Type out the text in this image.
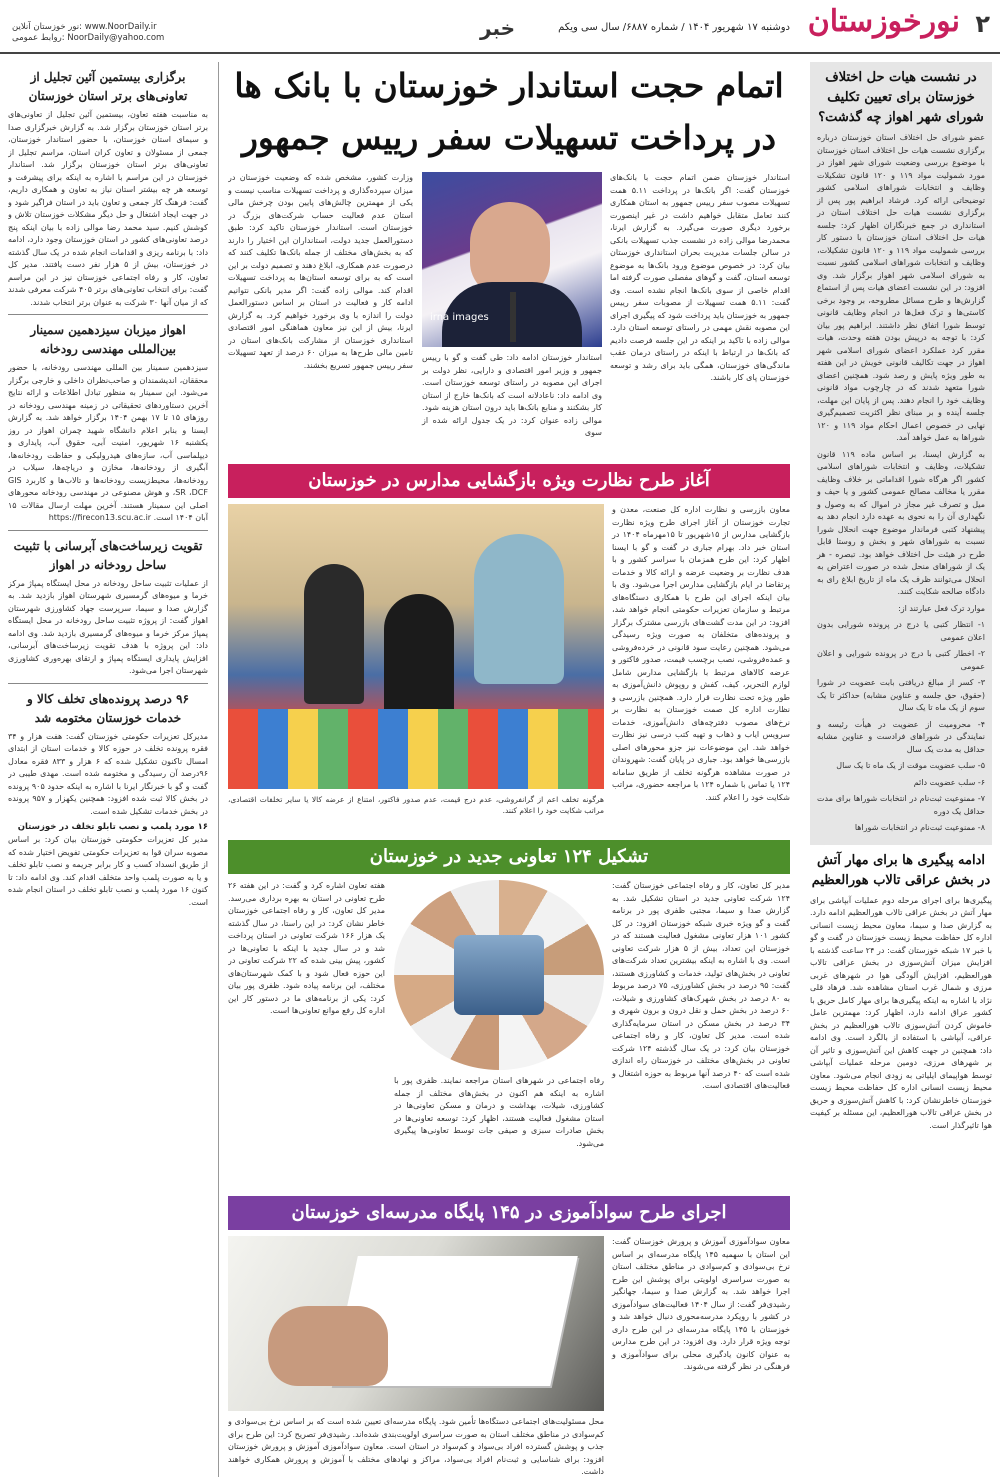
۲
نورخوزستان
دوشنبه ۱۷ شهریور ۱۴۰۴ / شماره ۶۸۸۷/ سال سی ویکم
خبر
نور خوزستان آنلاین: www.NoorDaily.ir
روابط عمومی: NoorDaily@yahoo.com
در نشست هیات حل اختلاف خوزستان برای تعیین تکلیف شورای شهر اهواز چه گذشت؟

عضو شورای حل اختلاف استان خوزستان درباره برگزاری نشست هیات حل اختلاف استان خوزستان با موضوع بررسی وضعیت شورای شهر اهواز در مورد شمولیت مواد ۱۱۹ و ۱۲۰ قانون تشکیلات وظایف و انتخابات شوراهای اسلامی کشور توضیحاتی ارائه کرد. فرشاد ابراهیم پور پس از برگزاری نشست هیات حل اختلاف استان در استانداری در جمع خبرنگاران اظهار کرد: جلسه هیات حل اختلاف استان خوزستان با دستور کار بررسی شمولیت مواد ۱۱۹ و ۱۲۰ قانون تشکیلات، وظایف و انتخابات شوراهای اسلامی کشور نسبت به شورای اسلامی شهر اهواز برگزار شد. وی افزود: در این نشست اعضای هیات پس از استماع گزارش‌ها و طرح مسائل مطروحه، بر وجود برخی کاستی‌ها و ترک فعل‌ها در انجام وظایف قانونی توسط شورا اتفاق نظر داشتند. ابراهیم پور بیان کرد: با توجه به درپیش بودن هفته وحدت، هیات مقرر کرد عملکرد اعضای شورای اسلامی شهر اهواز در جهت تکالیف قانونی خویش در این هفته به طور ویژه پایش و رصد شود. همچنین اعضای شورا متعهد شدند که در چارچوب مواد قانونی وظایف خود را انجام دهند. پس از پایان این مهلت، جلسه آینده و بر مبنای نظر اکثریت تصمیم‌گیری نهایی در خصوص اعمال احکام مواد ۱۱۹ و ۱۲۰ شوراها به عمل خواهد آمد.

به گزارش ایسنا، بر اساس ماده ۱۱۹ قانون تشکیلات، وظایف و انتخابات شوراهای اسلامی کشور اگر هرگاه شورا اقداماتی بر خلاف وظایف مقرر یا مخالف مصالح عمومی کشور و یا حیف و میل و تصرف غیر مجاز در اموال که به وصول و نگهداری آن را به نحوی به عهده دارد انجام دهد به پیشنهاد کتبی فرماندار موضوع جهت انحلال شورا نسبت به شوراهای شهر و بخش و روستا قابل طرح در هیئت حل اختلاف خواهد بود. تبصره - هر یک از شوراهای منحل شده در صورت اعتراض به انحلال می‌توانند ظرف یک ماه از تاریخ ابلاغ رای به دادگاه صالحه شکایت کنند.

موارد ترک فعل عبارتند از:

۱- انتظار کتبی یا درج در پرونده شورایی بدون اعلان عمومی

۲- اخطار کتبی با درج در پرونده شورایی و اعلان عمومی

۳- کسر از مبالغ دریافتی بابت عضویت در شورا (حقوق، حق جلسه و عناوین مشابه) حداکثر تا یک سوم از یک ماه تا یک سال

۴- محرومیت از عضویت در هیأت رئیسه و نمایندگی در شوراهای فرادست و عناوین مشابه حداقل به مدت یک سال

۵- سلب عضویت موقت از یک ماه تا یک سال

۶- سلب عضویت دائم

۷- ممنوعیت ثبت‌نام در انتخابات شوراها برای مدت حداقل یک دوره

۸- ممنوعیت ثبت‌نام در انتخابات شوراها

ادامه پیگیری ها برای مهار آتش در بخش عراقی تالاب هورالعظیم

پیگیری‌ها برای اجرای مرحله دوم عملیات آبپاشی برای مهار آتش در بخش عراقی تالاب هورالعظیم ادامه دارد. به گزارش صدا و سیما، معاون محیط زیست انسانی اداره کل حفاظت محیط زیست خوزستان در گفت و گو با خبر ۱۷ شبکه خوزستان گفت: در ۲۴ ساعت گذشته با افزایش میزان آتش‌سوزی در بخش عراقی تالاب هورالعظیم، افزایش آلودگی هوا در شهرهای غربی مرزی و شمال غرب استان مشاهده شد. فرهاد قلی نژاد با اشاره به اینکه پیگیری‌ها برای مهار کامل حریق با کشور عراق ادامه دارد، اظهار کرد: مهمترین عامل خاموش کردن آتش‌سوزی تالاب هورالعظیم در بخش عراقی، آبپاشی با استفاده از بالگرد است. وی ادامه داد: همچنین در جهت کاهش این آتش‌سوزی و تاثیر آن بر شهرهای مرزی، دومین مرحله عملیات آبپاشی توسط هواپیمای ایلیاتی به زودی انجام می‌شود. معاون محیط زیست انسانی اداره کل حفاظت محیط زیست خوزستان خاطرنشان کرد: با کاهش آتش‌سوزی و حریق در بخش عراقی تالاب هورالعظیم، این مسئله بر کیفیت هوا تاثیرگذار است.

اتمام حجت استاندار خوزستان با بانک ها
در پرداخت تسهیلات سفر رییس جمهور

استاندار خوزستان ضمن اتمام حجت با بانک‌های خوزستان گفت: اگر بانک‌ها در پرداخت ۵.۱۱ همت تسهیلات مصوب سفر رییس جمهور به استان همکاری کنند تعامل متقابل خواهیم داشت در غیر اینصورت برخورد دیگری صورت می‌گیرد. به گزارش ایرنا، محمدرضا موالی زاده در نشست جذب تسهیلات بانکی در سالن جلسات مدیریت بحران استانداری خوزستان بیان کرد: در خصوص موضوع ورود بانک‌ها به موضوع توسعه استان، گفت و گوهای مفصلی صورت گرفته اما اقدام خاصی از سوی بانک‌ها انجام نشده است. وی گفت: ۵.۱۱ همت تسهیلات از مصوبات سفر رییس جمهور به خوزستان باید پرداخت شود که پیگیری اجرای این مصوبه نقش مهمی در راستای توسعه استان دارد. موالی زاده با تاکید بر اینکه در این جلسه فرصت دادیم که بانک‌ها در ارتباط با اینکه در راستای درمان عقب ماندگی‌های خوزستان، همگی باید برای رشد و توسعه خوزستان پای کار باشند.

irna images

استاندار خوزستان ادامه داد: طی گفت و گو با رییس جمهور و وزیر امور اقتصادی و دارایی، نظر دولت بر اجرای این مصوبه در راستای توسعه خوزستان است. وی ادامه داد: ناعادلانه است که بانک‌ها خارج از استان کار بشکنند و منابع بانک‌ها باید درون استان هزینه شود. موالی زاده عنوان کرد: در یک جدول ارائه شده از سوی

وزارت کشور، مشخص شده که وضعیت خوزستان در میزان سپرده‌گذاری و پرداخت تسهیلات مناسب نیست و یکی از مهمترین چالش‌های پایین بودن چرخش مالی استان عدم فعالیت حساب شرکت‌های بزرگ در خوزستان است. استاندار خوزستان تاکید کرد: طبق دستورالعمل جدید دولت، استانداران این اختیار را دارند که به بخش‌های مختلف از جمله بانک‌ها تکلیف کنند که درصورت عدم همکاری، ابلاغ دهند و تصمیم دولت بر این است که به برای توسعه استان‌ها به پرداخت تسهیلات اقدام کند. موالی زاده گفت: اگر مدیر بانکی نتوانیم ادامه کار و فعالیت در استان بر اساس دستورالعمل دولت را اندازه با وی برخورد خواهیم کرد. به گزارش ایرنا، بیش از این نیز معاون هماهنگی امور اقتصادی استانداری خوزستان از مشارکت بانک‌های استان در تامین مالی طرح‌ها به میزان ۶۰ درصد از تعهد تسهیلات سفر رییس جمهور تسریع بخشند.

آغاز طرح نظارت ویژه بازگشایی مدارس در خوزستان

معاون بازرسی و نظارت اداره کل صنعت، معدن و تجارت خوزستان از آغاز اجرای طرح ویژه نظارت بازگشایی مدارس از ۱۵شهریور تا ۱۵مهرماه ۱۴۰۴ در استان خبر داد. بهرام جباری در گفت و گو با ایسنا اظهار کرد: این طرح همزمان با سراسر کشور و با هدف نظارت بر وضعیت عرضه و ارائه کالا و خدمات پرتقاضا در ایام بازگشایی مدارس اجرا می‌شود. وی با بیان اینکه اجرای این طرح با همکاری دستگاه‌های مرتبط و سازمان تعزیرات حکومتی انجام خواهد شد، افزود: در این مدت گشت‌های بازرسی مشترک برگزار و پرونده‌های متخلفان به صورت ویژه رسیدگی می‌شود. همچنین رعایت سود قانونی در خرده‌فروشی و عمده‌فروشی، نصب برچسب قیمت، صدور فاکتور و عرضه کالاهای مرتبط با بازگشایی مدارس شامل لوازم التحریر، کیف، کفش و روپوش دانش‌آموزی به طور ویژه تحت نظارت قرار دارد. همچنین بازرسی و نظارت اداره کل صمت خوزستان به نظارت بر نرخ‌های مصوب دفترچه‌های دانش‌آموزی، خدمات سرویس ایاب و ذهاب و تهیه کتب درسی نیز نظارت خواهد شد. این موضوعات نیز جزو محورهای اصلی بازرسی‌ها خواهد بود. جباری در پایان گفت: شهروندان در صورت مشاهده هرگونه تخلف از طریق سامانه ۱۲۴ یا تماس با شماره ۱۲۴ با مراجعه حضوری، مراتب شکایت خود را اعلام کنند.

هرگونه تخلف اعم از گرانفروشی، عدم درج قیمت، عدم صدور فاکتور، امتناع از عرضه کالا یا سایر تخلفات اقتصادی، مراتب شکایت خود را اعلام کنند.
تشکیل ۱۲۴ تعاونی جدید در خوزستان

مدیر کل تعاون، کار و رفاه اجتماعی خوزستان گفت: ۱۲۴ شرکت تعاونی جدید در استان تشکیل شد. به گزارش صدا و سیما، مجتبی ظفری پور در برنامه گفت و گو ویژه خبری شبکه خوزستان افزود: در کل کشور ۱۰۱ هزار تعاونی مشغول فعالیت هستند که در خوزستان این تعداد، بیش از ۵ هزار شرکت تعاونی است. وی با اشاره به اینکه بیشترین تعداد شرکت‌های تعاونی در بخش‌های تولید، خدمات و کشاورزی هستند، گفت: ۹۵ درصد در بخش کشاورزی، ۷۵ درصد مربوط به ۸۰ درصد در بخش شهرک‌های کشاورزی و شیلات، ۶۰ درصد در بخش حمل و نقل درون و برون شهری و ۳۴ درصد در بخش مسکن در استان سرمایه‌گذاری شده است. مدیر کل تعاون، کار و رفاه اجتماعی خوزستان بیان کرد: در یک سال گذشته ۱۲۴ شرکت تعاونی در بخش‌های مختلف در خوزستان راه اندازی شده است که ۴۰ درصد آنها مربوط به حوزه اشتغال و فعالیت‌های اقتصادی است.

هفته تعاون اشاره کرد و گفت: در این هفته ۲۶ طرح تعاونی در استان به بهره برداری می‌رسد. مدیر کل تعاون، کار و رفاه اجتماعی خوزستان خاطر نشان کرد: در این راستا، در سال گذشته یک هزار ۱۶۶ شرکت تعاونی در استان پرداخت شد و در سال جدید با اینکه با تعاونی‌ها در کشور، پیش بینی شده که ۲۲ شرکت تعاونی در این حوزه فعال شود و با کمک شهرستان‌های مختلف، این برنامه پیاده شود. ظفری پور بیان کرد: یکی از برنامه‌های ما در دستور کار این اداره کل رفع موانع تعاونی‌ها است.

رفاه اجتماعی در شهرهای استان مراجعه نمایند. ظفری پور با اشاره به اینکه هم اکنون در بخش‌های مختلف از جمله کشاورزی، شیلات، بهداشت و درمان و مسکن تعاونی‌ها در استان مشغول فعالیت هستند، اظهار کرد: توسعه تعاونی‌ها در بخش صادرات سبزی و صیفی جات توسط تعاونی‌ها پیگیری می‌شود.

اجرای طرح سوادآموزی در ۱۴۵ پایگاه مدرسه‌ای خوزستان

معاون سوادآموزی آموزش و پرورش خوزستان گفت: این استان با سهمیه ۱۴۵ پایگاه مدرسه‌ای بر اساس نرخ بی‌سوادی و کم‌سوادی در مناطق مختلف استان به صورت سراسری اولویتی برای پوشش این طرح اجرا خواهد شد. به گزارش صدا و سیما، جهانگیر رشیدی‌فر گفت: از سال ۱۴۰۴ فعالیت‌های سوادآموزی در کشور با رویکرد مدرسه‌محوری دنبال خواهد شد و خوزستان با ۱۴۵ پایگاه مدرسه‌ای در این طرح داری توجه ویژه قرار دارد. وی افزود: در این طرح مدارس به عنوان کانون یادگیری محلی برای سواد‌آموزی و فرهنگی در نظر گرفته می‌شوند.

محل مسئولیت‌های اجتماعی دستگاه‌ها تأمین شود. پایگاه مدرسه‌ای تعیین شده است که بر اساس نرخ بی‌سوادی و کم‌سوادی در مناطق مختلف استان به صورت سراسری اولویت‌بندی شده‌اند. رشیدی‌فر تصریح کرد: این طرح برای جذب و پوشش گسترده افراد بی‌سواد و کم‌سواد در استان است. معاون سوادآموزی آموزش و پرورش خوزستان افزود: برای شناسایی و ثبت‌نام افراد بی‌سواد، مراکز و نهادهای مختلف با آموزش و پرورش همکاری خواهند داشت.

برگزاری بیستمین آئین تجلیل از تعاونی‌های برتر استان خوزستان

به مناسبت هفته تعاون، بیستمین آئین تجلیل از تعاونی‌های برتر استان خوزستان برگزار شد. به گزارش خبرگزاری صدا و سیمای استان خوزستان، با حضور استاندار خوزستان، جمعی از مسئولان و تعاون کران استان، مراسم تجلیل از تعاونی‌های برتر استان خوزستان برگزار شد. استاندار خوزستان در این مراسم با اشاره به اینکه برای پیشرفت و توسعه هر چه بیشتر استان نیاز به تعاون و همکاری داریم، گفت: فرهنگ کار جمعی و تعاون باید در استان فراگیر شود و در جهت ایجاد اشتغال و حل دیگر مشکلات خوزستان تلاش و کوشش کنیم. سید محمد رضا موالی زاده با بیان اینکه پنج درصد تعاونی‌های کشور در استان خوزستان وجود دارد، ادامه داد: با برنامه ریزی و اقدامات انجام شده در یک سال گذشته در خوزستان، بیش از ۵ هزار نفر دست یافتند. مدیر کل تعاون، کار و رفاه اجتماعی خوزستان نیز در این مراسم گفت: برای انتخاب تعاونی‌های برتر ۴۰۵ شرکت معرفی شدند که از میان آنها ۳۰ شرکت به عنوان برتر انتخاب شدند.

اهواز میزبان سیزدهمین سمینار بین‌المللی مهندسی رودخانه

سیزدهمین سمینار بین المللی مهندسی رودخانه، با حضور محققان، اندیشمندان و صاحب‌نظران داخلی و خارجی برگزار می‌شود. این سمینار به منظور تبادل اطلاعات و ارائه نتایج آخرین دستاوردهای تحقیقاتی در زمینه مهندسی رودخانه در روزهای ۱۵ تا ۱۷ بهمن ۱۴۰۴ برگزار خواهد شد. به گزارش ایسنا و بنابر اعلام دانشگاه شهید چمران اهواز در روز یکشنبه ۱۶ شهریور، امنیت آبی، حقوق آب، پایداری و دیپلماسی آب، سازه‌های هیدرولیکی و حفاظت رودخانه‌ها، آبگیری از رودخانه‌ها، مخازن و دریاچه‌ها، سیلاب در رودخانه‌ها، محیط‌زیست رودخانه‌ها و تالاب‌ها و کاربرد GIS ،SR ،DCF و هوش مصنوعی در مهندسی رودخانه محورهای اصلی این سمینار هستند. آخرین مهلت ارسال مقالات ۱۵ آبان ۱۴۰۴ است. https://firecon13.scu.ac.ir

تقویت زیرساخت‌های آبرسانی با تثبیت ساحل رودخانه در اهواز

از عملیات تثبیت ساحل رودخانه در محل ایستگاه پمپاژ مرکز خرما و میوه‌های گرمسیری شهرستان اهواز بازدید شد. به گزارش صدا و سیما، سرپرست جهاد کشاورزی شهرستان اهواز گفت: از پروژه تثبیت ساحل رودخانه در محل ایستگاه پمپاژ مرکز خرما و میوه‌های گرمسیری بازدید شد. وی ادامه داد: این پروژه با هدف تقویت زیرساخت‌های آبرسانی، افزایش پایداری ایستگاه پمپاژ و ارتقای بهره‌وری کشاورزی شهرستان اجرا می‌شود.

۹۶ درصد پرونده‌های تخلف کالا و خدمات خوزستان مختومه شد

مدیرکل تعزیرات حکومتی خوزستان گفت: هفت هزار و ۳۴ فقره پرونده تخلف در حوزه کالا و خدمات استان از ابتدای امسال تاکنون تشکیل شده که ۶ هزار و ۸۳۳ فقره معادل ۹۶درصد آن رسیدگی و مختومه شده است. مهدی طیبی در گفت و گو با خبرنگار ایرنا با اشاره به اینکه حدود ۹۰۵ پرونده در بخش کالا ثبت شده افزود: همچنین یکهزار و ۹۵۷ پرونده در بخش خدمات تشکیل شده است.

۱۶ مورد پلمب و نصب تابلو تخلف در خوزستان

مدیر کل تعزیرات حکومتی خوزستان بیان کرد: بر اساس مصوبه سران قوا به تعزیرات حکومتی تفویض اختیار شده که از طریق انسداد کسب و کار برابر جریمه و نصب تابلو تخلف و یا به صورت پلمب واحد متخلف اقدام کند. وی ادامه داد: تا کنون ۱۶ مورد پلمب و نصب تابلو تخلف در استان انجام شده است.
